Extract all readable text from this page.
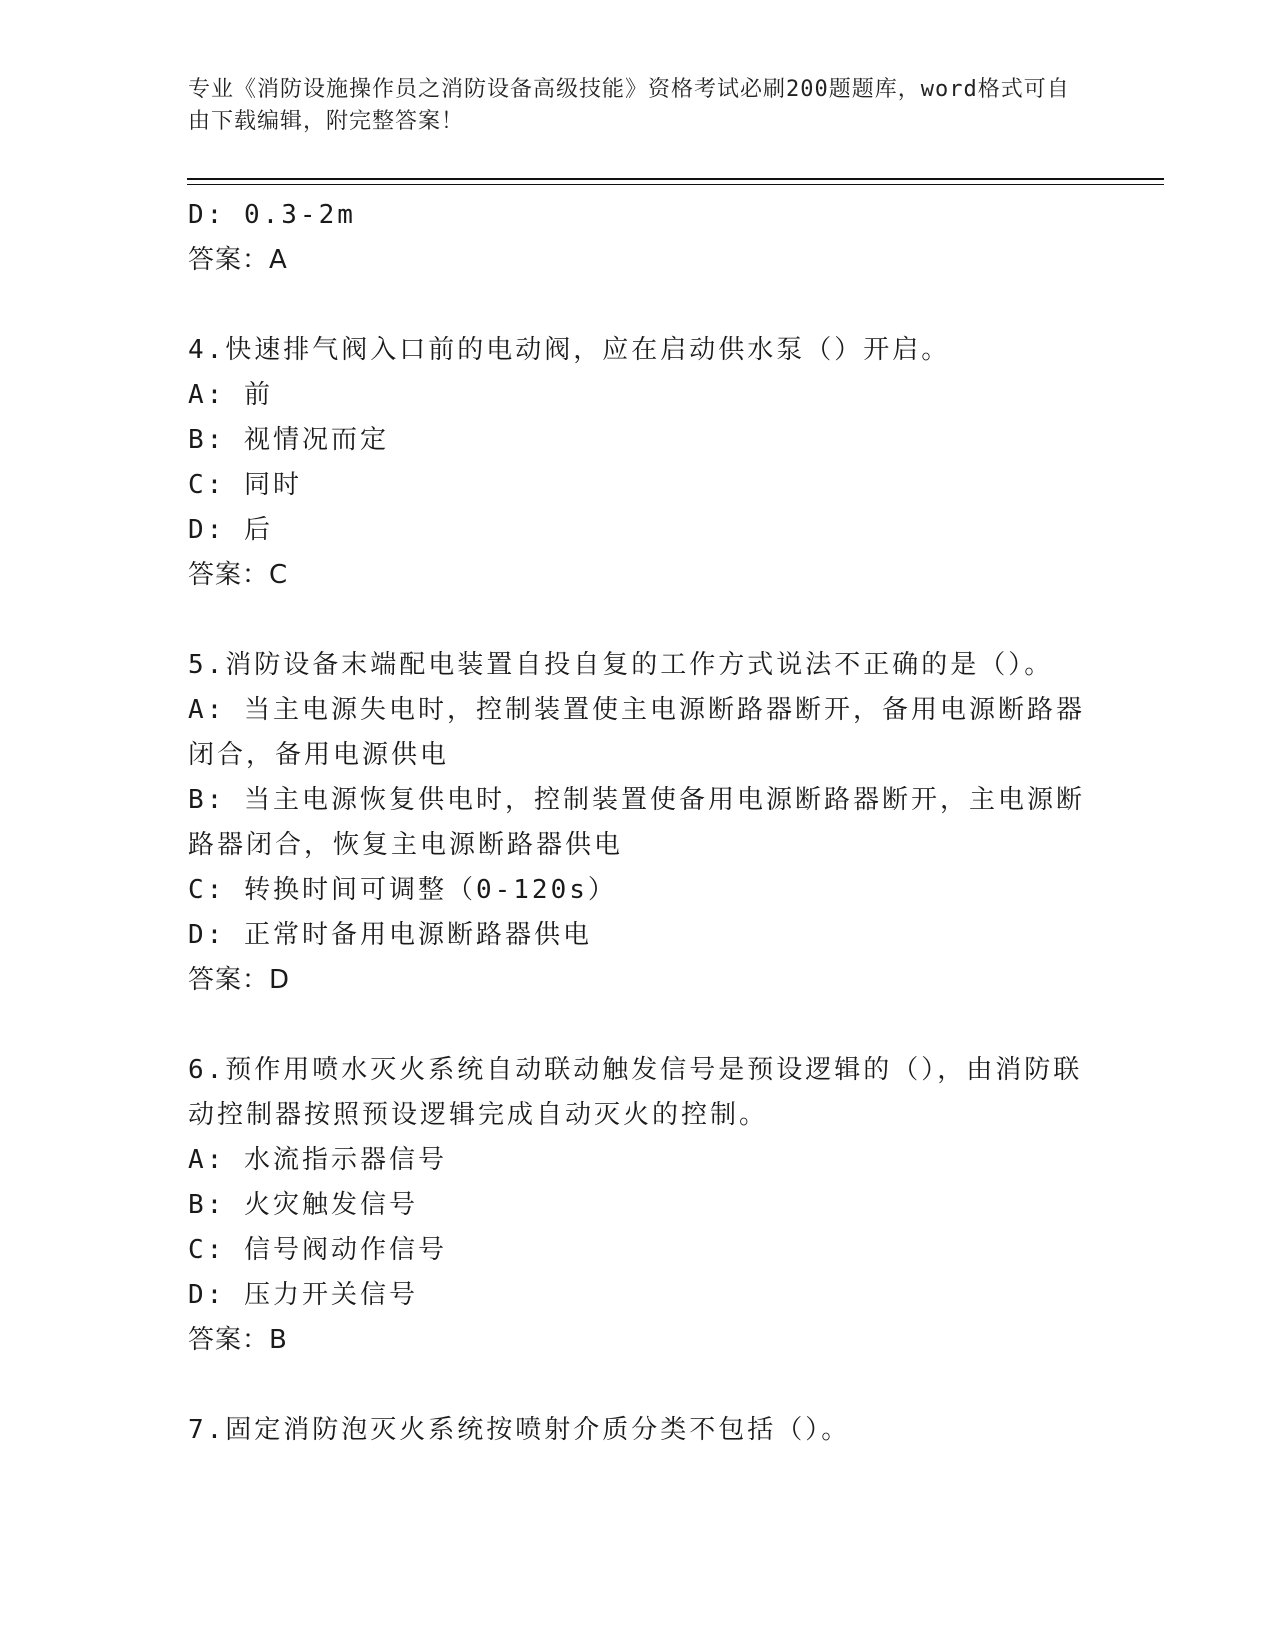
专业《消防设施操作员之消防设备高级技能》资格考试必刷200题题库，word格式可自由下载编辑，附完整答案！
D: 0.3-2m
答案：A
4.快速排气阀入口前的电动阀，应在启动供水泵（）开启。
A: 前
B: 视情况而定
C: 同时
D: 后
答案：C
5.消防设备末端配电装置自投自复的工作方式说法不正确的是（）。
A: 当主电源失电时，控制装置使主电源断路器断开，备用电源断路器闭合，备用电源供电
B: 当主电源恢复供电时，控制装置使备用电源断路器断开，主电源断路器闭合，恢复主电源断路器供电
C: 转换时间可调整（0-120s）
D: 正常时备用电源断路器供电
答案：D
6.预作用喷水灭火系统自动联动触发信号是预设逻辑的（），由消防联动控制器按照预设逻辑完成自动灭火的控制。
A: 水流指示器信号
B: 火灾触发信号
C: 信号阀动作信号
D: 压力开关信号
答案：B
7.固定消防泡灭火系统按喷射介质分类不包括（）。
